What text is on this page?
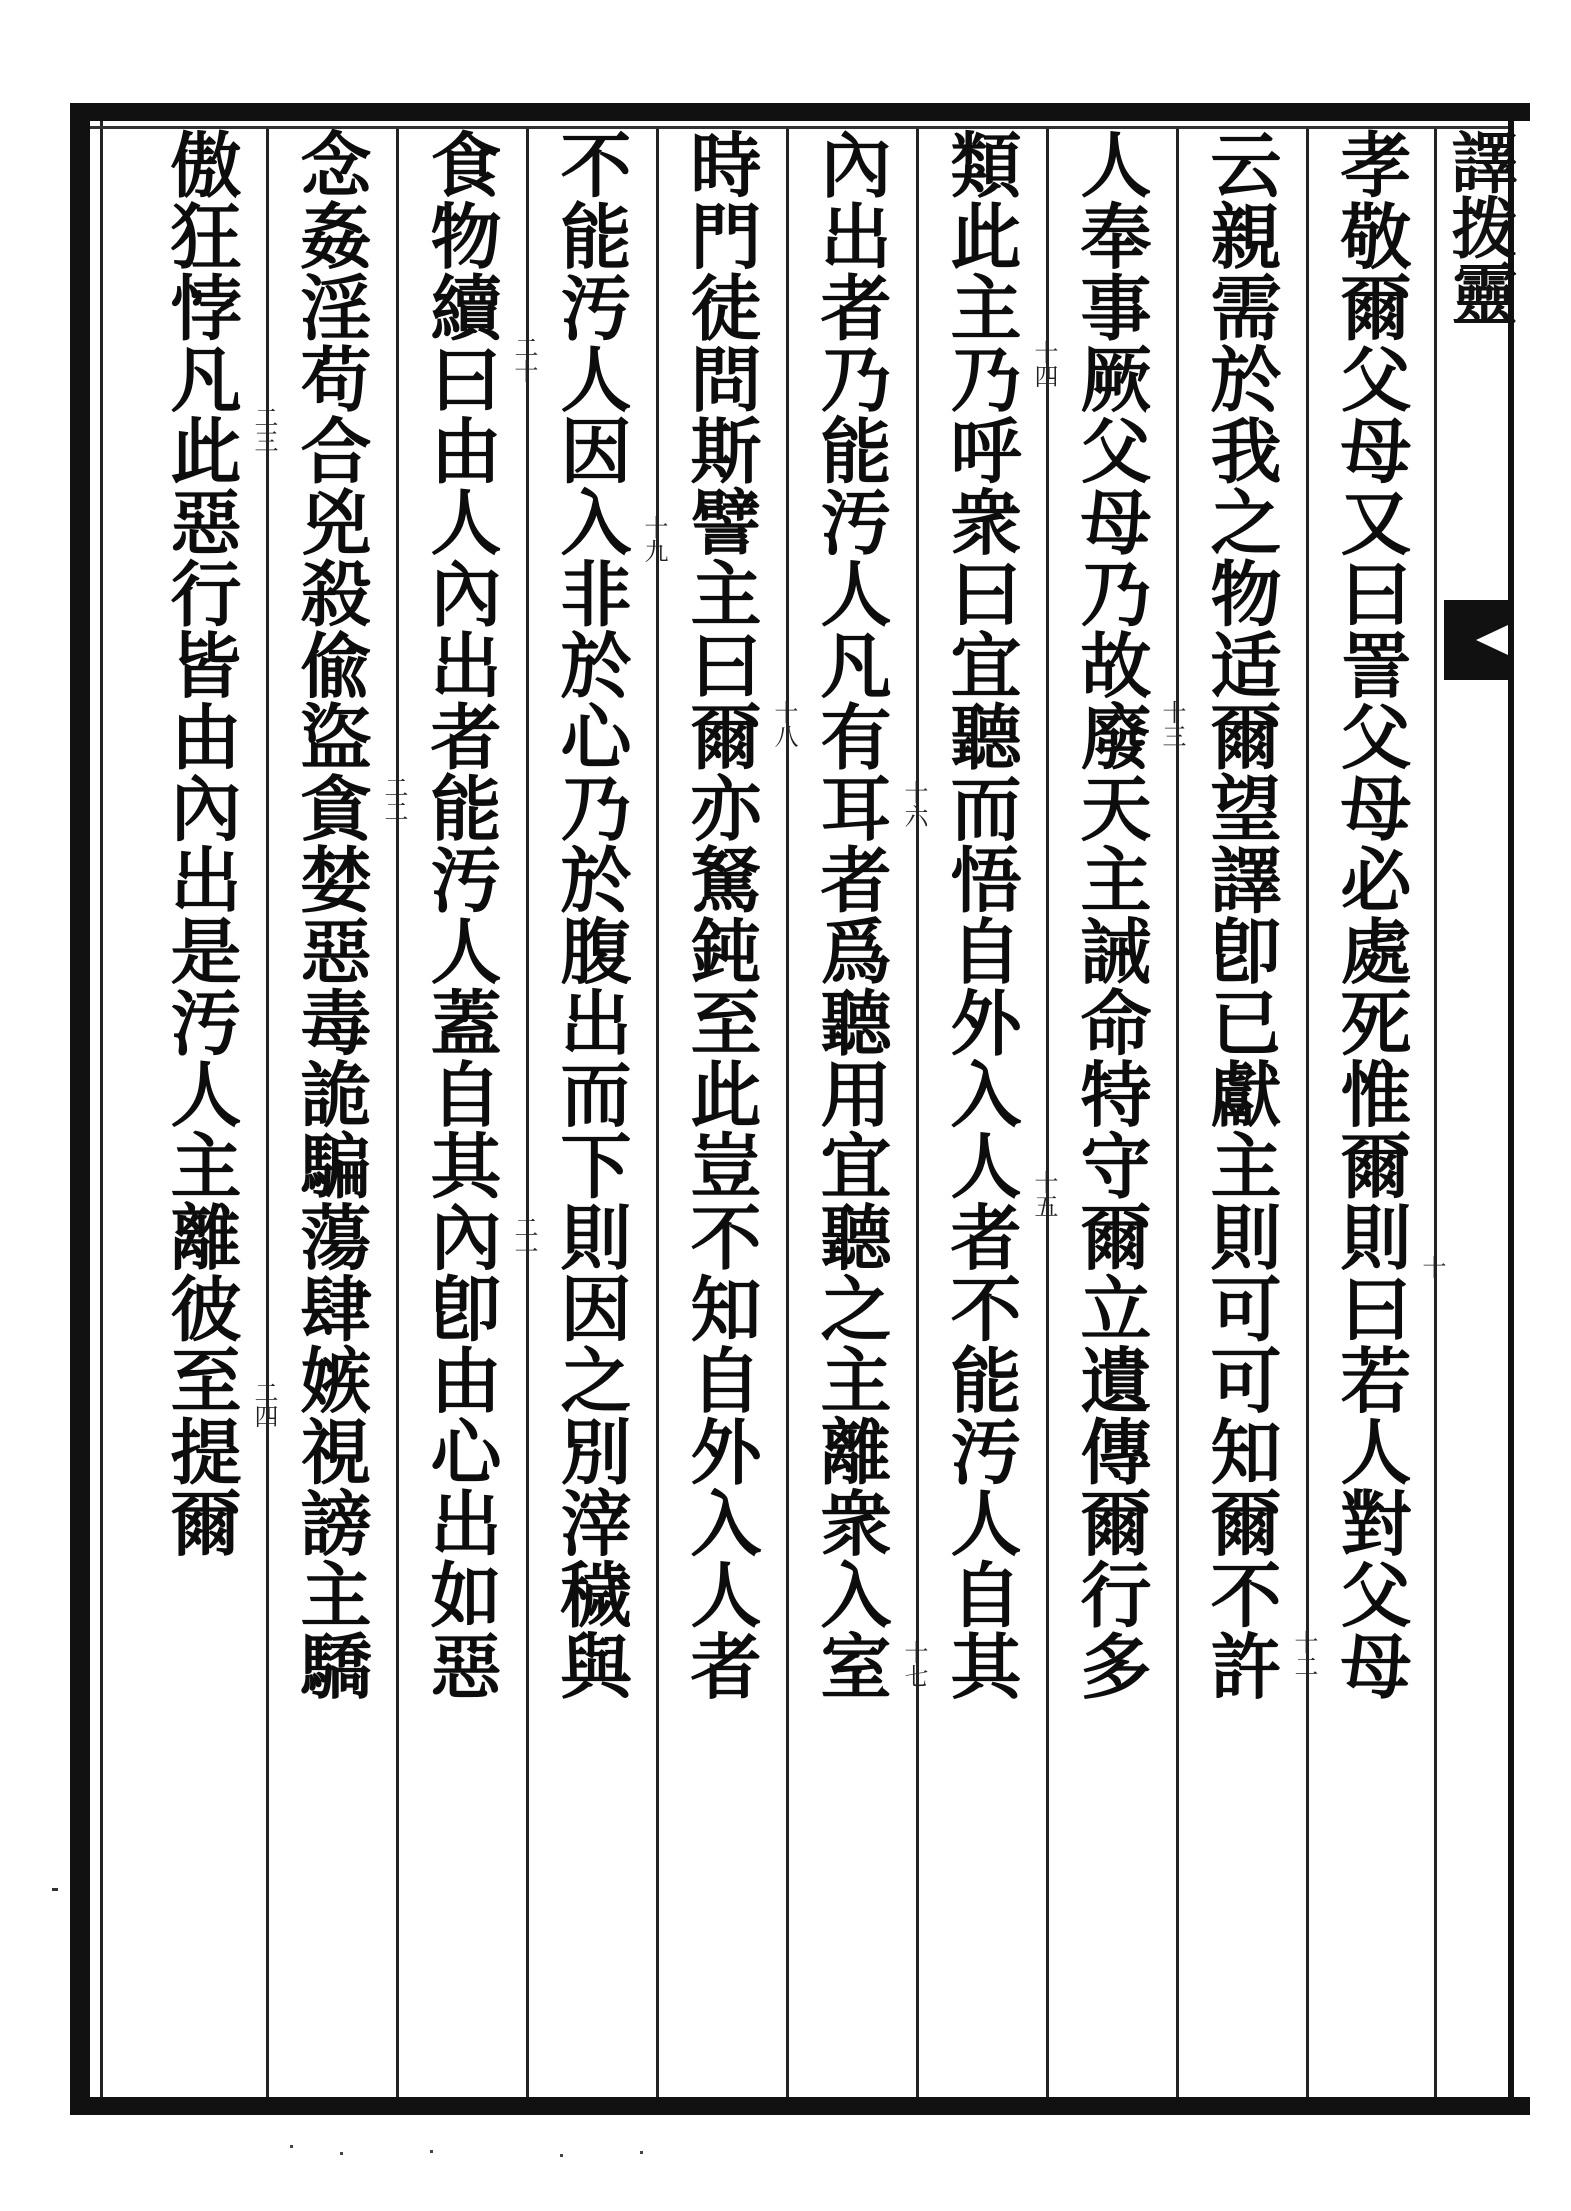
譯拨靈
孝敬爾父母又曰詈父母必處死惟爾則曰若人對父母
云親需於我之物适爾望譯卽已獻主則可可知爾不許
人奉事厥父母乃故廢天主誡命特守爾立遺傳爾行多
類此主乃呼衆曰宜聽而悟自外入人者不能汚人自其
內出者乃能汚人凡有耳者爲聽用宜聽之主離衆入室
時門徒問斯譬主曰爾亦駑鈍至此豈不知自外入人者
不能汚人因入非於心乃於腹出而下則因之別滓穢與
食物續曰由人內出者能汚人蓋自其內卽由心出如惡
念姦淫苟合兇殺偸盜貪婪惡毒詭騙蕩肆嫉視謗主驕
傲狂悖凡此惡行皆由內出是汚人主離彼至提爾	十
十二
十三
十四
十五
十六
十七
十八
十九
二十
二一
二二
二三
二四
